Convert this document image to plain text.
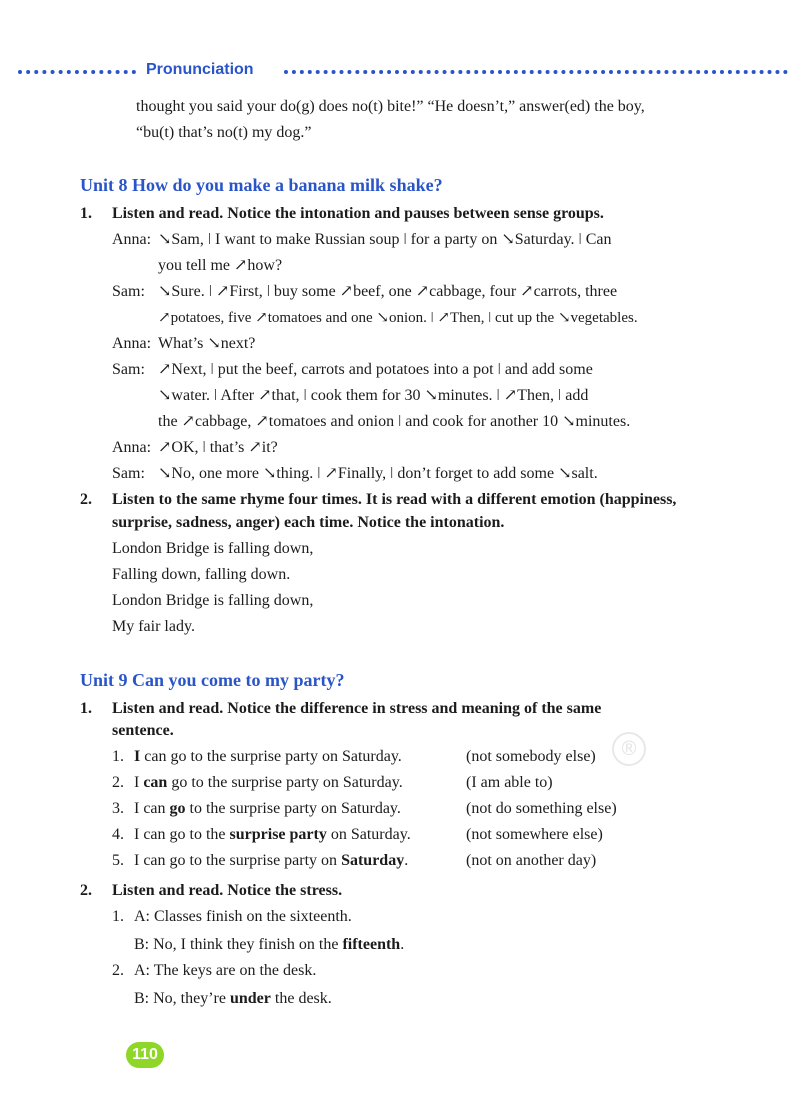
Pronunciation
thought you said your do(g) does no(t) bite!” “He doesn’t,” answer(ed) the boy,
“bu(t) that’s no(t) my dog.”
Unit 8 How do you make a banana milk shake?
1. Listen and read. Notice the intonation and pauses between sense groups.
Anna: ↘Sam, ǀ I want to make Russian soup ǀ for a party on ↘Saturday. ǀ Can
you tell me ↗how?
Sam: ↘Sure. ǀ ↗First, ǀ buy some ↗beef, one ↗cabbage, four ↗carrots, three
↗potatoes, five ↗tomatoes and one ↘onion. ǀ ↗Then, ǀ cut up the ↘vegetables.
Anna: What’s ↘next?
Sam: ↗Next, ǀ put the beef, carrots and potatoes into a pot ǀ and add some
↘water. ǀ After ↗that, ǀ cook them for 30 ↘minutes. ǀ ↗Then, ǀ add
the ↗cabbage, ↗tomatoes and onion ǀ and cook for another 10 ↘minutes.
Anna: ↗OK, ǀ that’s ↗it?
Sam: ↘No, one more ↘thing. ǀ ↗Finally, ǀ don’t forget to add some ↘salt.
2. Listen to the same rhyme four times. It is read with a different emotion (happiness,
surprise, sadness, anger) each time. Notice the intonation.
London Bridge is falling down,
Falling down, falling down.
London Bridge is falling down,
My fair lady.
Unit 9 Can you come to my party?
1. Listen and read. Notice the difference in stress and meaning of the same
sentence.
1. I can go to the surprise party on Saturday.	(not somebody else)
2. I can go to the surprise party on Saturday.	(I am able to)
3. I can go to the surprise party on Saturday.	(not do something else)
4. I can go to the surprise party on Saturday.	(not somewhere else)
5. I can go to the surprise party on Saturday.	(not on another day)
2. Listen and read. Notice the stress.
1. A: Classes finish on the sixteenth.
B: No, I think they finish on the fifteenth.
2. A: The keys are on the desk.
B: No, they’re under the desk.
®
110
